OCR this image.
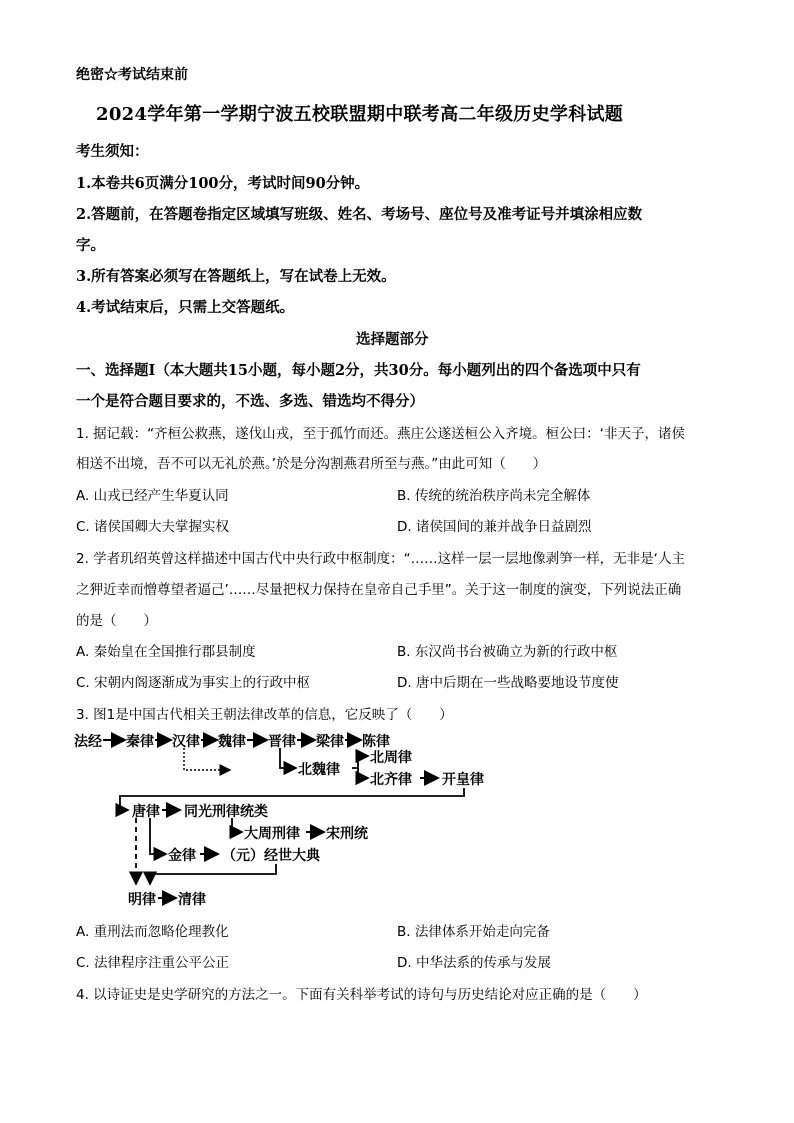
绝密☆考试结束前
2024学年第一学期宁波五校联盟期中联考高二年级历史学科试题
考生须知：
1.本卷共6页满分100分，考试时间90分钟。
2.答题前，在答题卷指定区域填写班级、姓名、考场号、座位号及准考证号并填涂相应数
字。
3.所有答案必须写在答题纸上，写在试卷上无效。
4.考试结束后，只需上交答题纸。
选择题部分
一、选择题Ⅰ（本大题共15小题，每小题2分，共30分。每小题列出的四个备选项中只有
一个是符合题目要求的，不选、多选、错选均不得分）
1. 据记载：“齐桓公救燕，遂伐山戎，至于孤竹而还。燕庄公遂送桓公入齐境。桓公曰：‘非天子，诸侯
相送不出境，吾不可以无礼於燕。’於是分沟割燕君所至与燕。”由此可知（　　）
A. 山戎已经产生华夏认同	B. 传统的统治秩序尚未完全解体
C. 诸侯国卿大夫掌握实权	D. 诸侯国间的兼并战争日益剧烈
2. 学者玑绍英曾这样描述中国古代中央行政中枢制度：“……这样一层一层地像剥笋一样，无非是‘人主
之狎近幸而憎尊望者逼己’……尽量把权力保持在皇帝自己手里”。关于这一制度的演变，下列说法正确
的是（　　）
A. 秦始皇在全国推行郡县制度	B. 东汉尚书台被确立为新的行政中枢
C. 宋朝内阁逐渐成为事实上的行政中枢	D. 唐中后期在一些战略要地设节度使
3. 图1是中国古代相关王朝法律改革的信息，它反映了（　　）
法经 秦律 汉律 魏律 晋律 梁律 陈律
北魏律
北周律
北齐律 开皇律
唐律 同光刑律统类
大周刑律 宋刑统
金律 （元）经世大典
明律 清律
A. 重刑法而忽略伦理教化	B. 法律体系开始走向完备
C. 法律程序注重公平公正	D. 中华法系的传承与发展
4. 以诗证史是史学研究的方法之一。下面有关科举考试的诗句与历史结论对应正确的是（　　）
